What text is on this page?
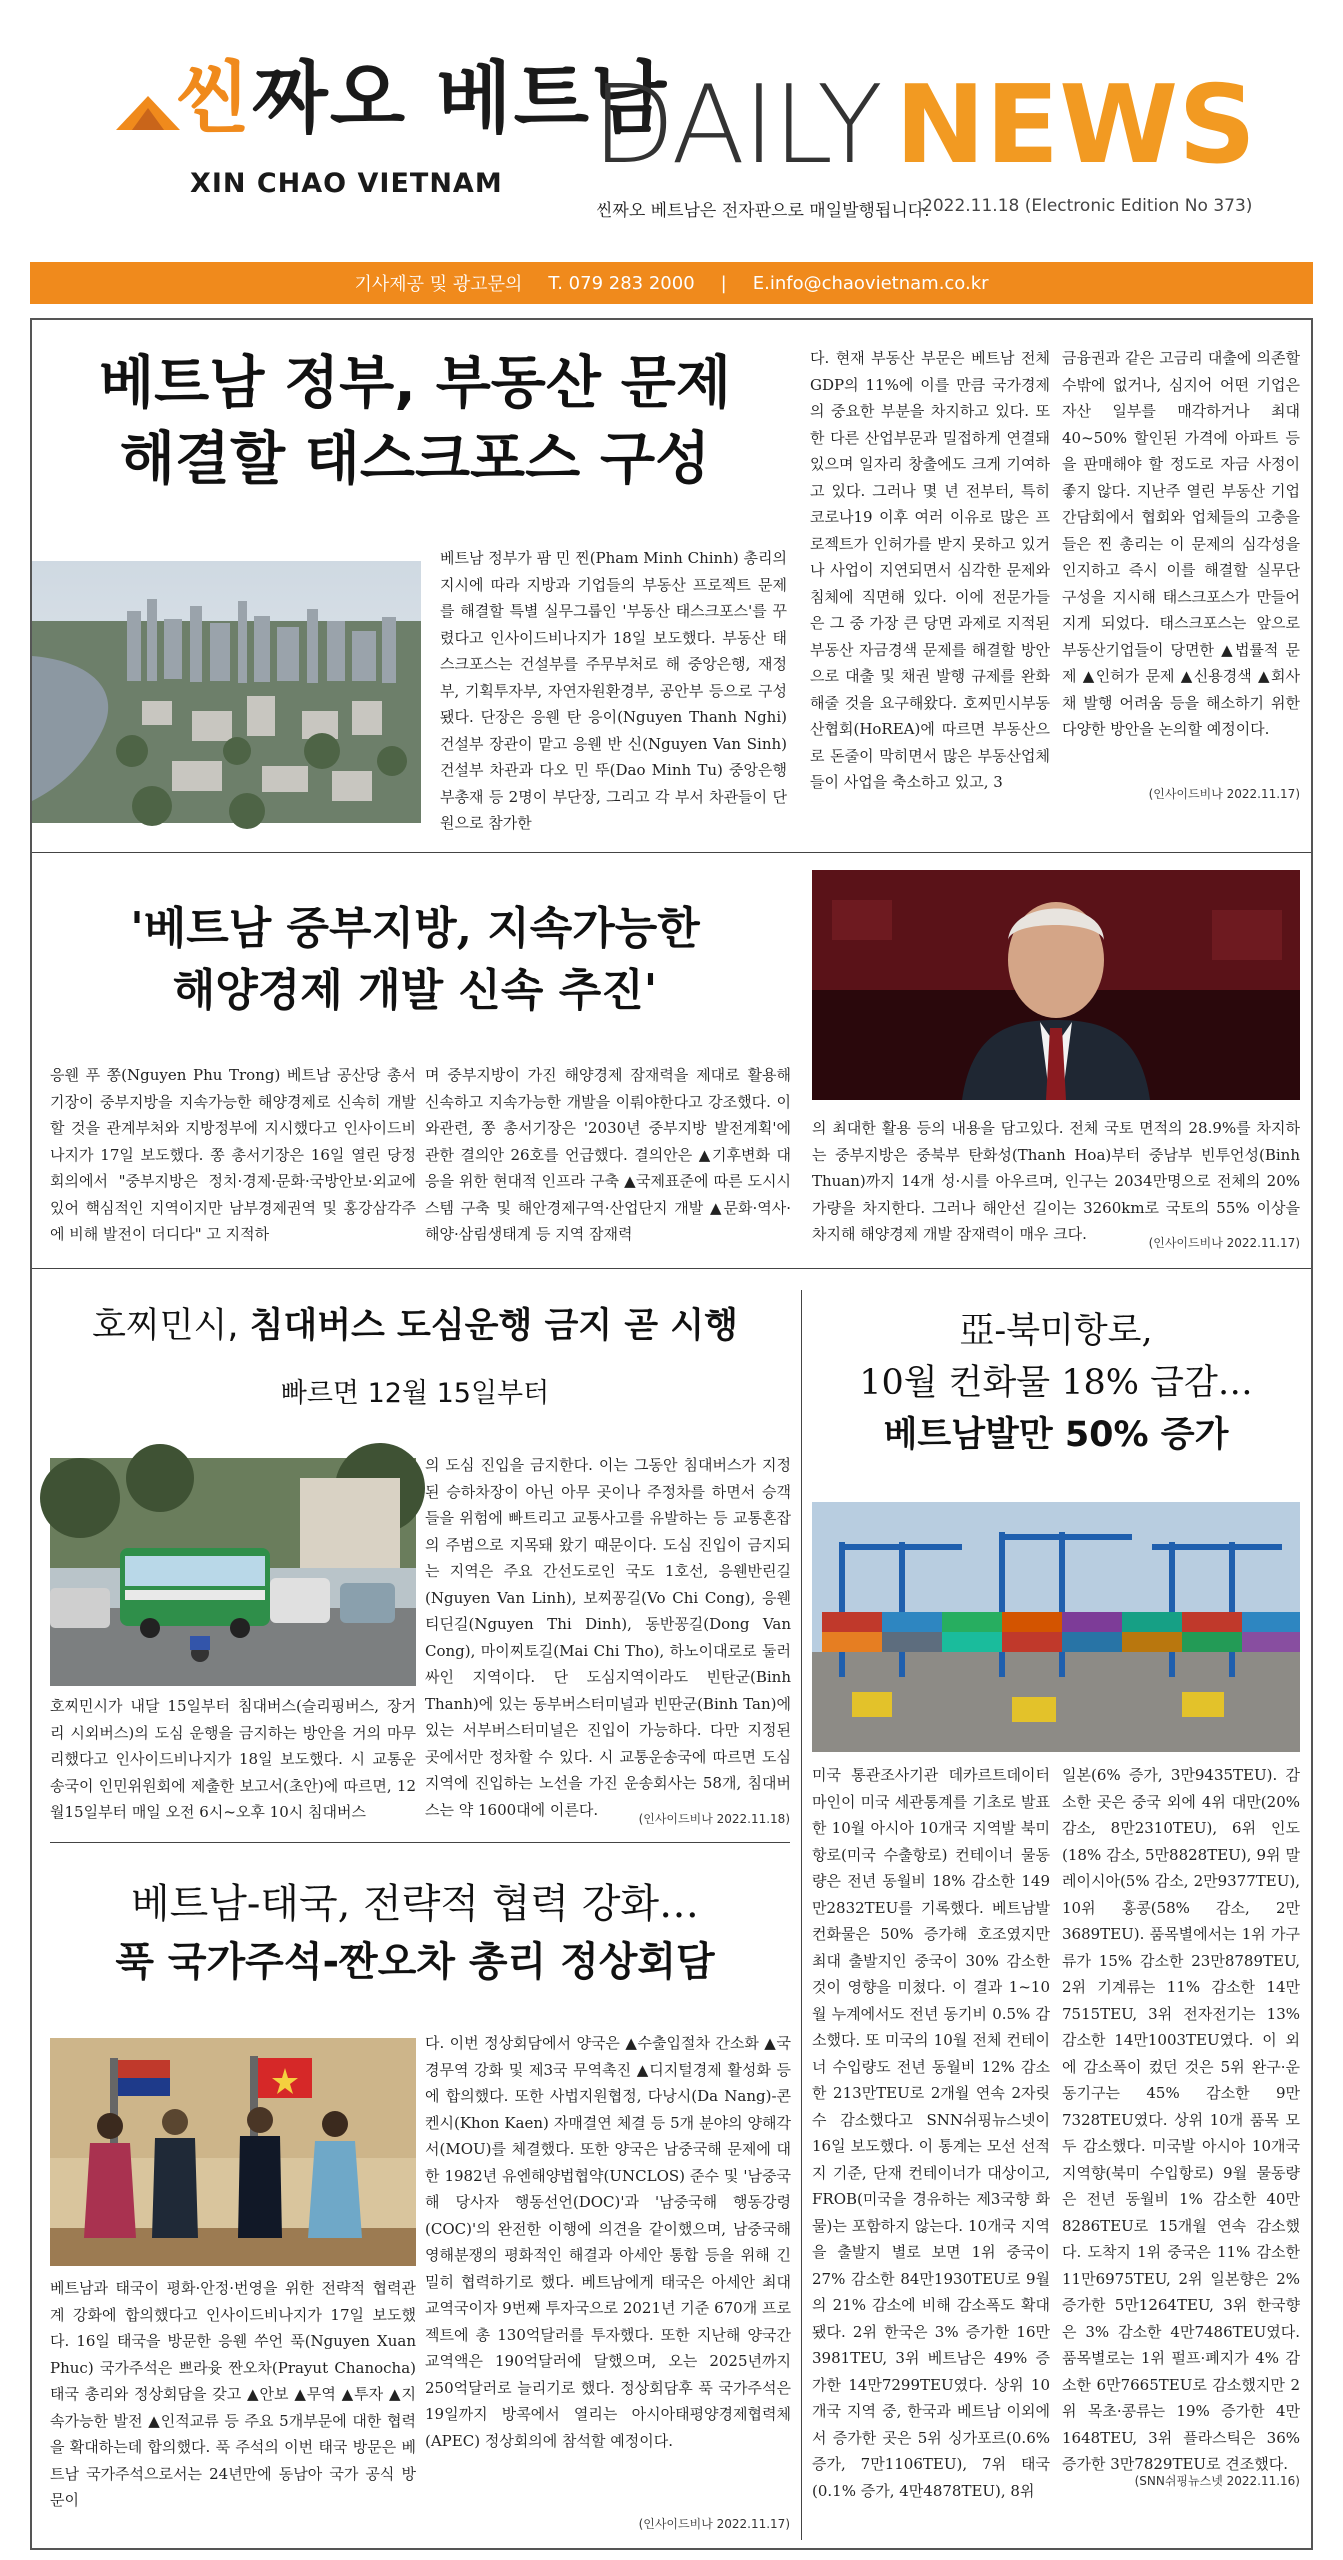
씬짜오 베트남
XIN CHAO VIETNAM DAILY NEWS
씬짜오 베트남은 전자판으로 매일발행됩니다.
2022.11.18 (Electronic Edition No 373)
기사제공 및 광고문의 T. 079 283 2000 | E.info@chaovietnam.co.kr
베트남 정부, 부동산 문제
해결할 태스크포스 구성
베트남 정부가 팜 민 찐(Pham Minh Chinh) 총리의 지시에 따라 지방과 기업들의 부동산 프로젝트 문제를 해결할 특별 실무그룹인 '부동산 태스크포스'를 꾸렸다고 인사이드비나지가 18일 보도했다. 부동산 태스크포스는 건설부를 주무부처로 해 중앙은행, 재정부, 기획투자부, 자연자원환경부, 공안부 등으로 구성됐다. 단장은 응웬 탄 응이(Nguyen Thanh Nghi) 건설부 장관이 맡고 응웬 반 신(Nguyen Van Sinh) 건설부 차관과 다오 민 뚜(Dao Minh Tu) 중앙은행 부총재 등 2명이 부단장, 그리고 각 부서 차관들이 단원으로 참가한
다. 현재 부동산 부문은 베트남 전체 GDP의 11%에 이를 만큼 국가경제의 중요한 부분을 차지하고 있다. 또한 다른 산업부문과 밀접하게 연결돼 있으며 일자리 창출에도 크게 기여하고 있다. 그러나 몇 년 전부터, 특히 코로나19 이후 여러 이유로 많은 프로젝트가 인허가를 받지 못하고 있거나 사업이 지연되면서 심각한 문제와 침체에 직면해 있다. 이에 전문가들은 그 중 가장 큰 당면 과제로 지적된 부동산 자금경색 문제를 해결할 방안으로 대출 및 채권 발행 규제를 완화해줄 것을 요구해왔다. 호찌민시부동산협회(HoREA)에 따르면 부동산으로 돈줄이 막히면서 많은 부동산업체들이 사업을 축소하고 있고, 3
금융권과 같은 고금리 대출에 의존할 수밖에 없거나, 심지어 어떤 기업은 자산 일부를 매각하거나 최대 40~50% 할인된 가격에 아파트 등을 판매해야 할 정도로 자금 사정이 좋지 않다. 지난주 열린 부동산 기업 간담회에서 협회와 업체들의 고충을 들은 찐 총리는 이 문제의 심각성을 인지하고 즉시 이를 해결할 실무단 구성을 지시해 태스크포스가 만들어지게 되었다. 태스크포스는 앞으로 부동산기업들이 당면한 ▲법률적 문제 ▲인허가 문제 ▲신용경색 ▲회사채 발행 어려움 등을 해소하기 위한 다양한 방안을 논의할 예정이다.
(인사이드비나 2022.11.17)
'베트남 중부지방, 지속가능한
해양경제 개발 신속 추진'
응웬 푸 쫑(Nguyen Phu Trong) 베트남 공산당 총서기장이 중부지방을 지속가능한 해양경제로 신속히 개발할 것을 관계부처와 지방정부에 지시했다고 인사이드비나지가 17일 보도했다. 쫑 총서기장은 16일 열린 당정회의에서 "중부지방은 정치·경제·문화·국방안보·외교에 있어 핵심적인 지역이지만 남부경제권역 및 홍강삼각주에 비해 발전이 더디다" 고 지적하
며 중부지방이 가진 해양경제 잠재력을 제대로 활용해 신속하고 지속가능한 개발을 이뤄야한다고 강조했다. 이와관련, 쫑 총서기장은 '2030년 중부지방 발전계획'에 관한 결의안 26호를 언급했다. 결의안은 ▲기후변화 대응을 위한 현대적 인프라 구축 ▲국제표준에 따른 도시시스템 구축 및 해안경제구역·산업단지 개발 ▲문화·역사·해양·삼림생태계 등 지역 잠재력
의 최대한 활용 등의 내용을 담고있다. 전체 국토 면적의 28.9%를 차지하는 중부지방은 중북부 탄화성(Thanh Hoa)부터 중남부 빈투언성(Binh Thuan)까지 14개 성·시를 아우르며, 인구는 2034만명으로 전체의 20% 가량을 차지한다. 그러나 해안선 길이는 3260km로 국토의 55% 이상을 차지해 해양경제 개발 잠재력이 매우 크다.	(인사이드비나 2022.11.17)
호찌민시, 침대버스 도심운행 금지 곧 시행
빠르면 12월 15일부터
호찌민시가 내달 15일부터 침대버스(슬리핑버스, 장거리 시외버스)의 도심 운행을 금지하는 방안을 거의 마무리했다고 인사이드비나지가 18일 보도했다. 시 교통운송국이 인민위원회에 제출한 보고서(초안)에 따르면, 12월15일부터 매일 오전 6시~오후 10시 침대버스
의 도심 진입을 금지한다. 이는 그동안 침대버스가 지정된 승하차장이 아닌 아무 곳이나 주정차를 하면서 승객들을 위험에 빠트리고 교통사고를 유발하는 등 교통혼잡의 주범으로 지목돼 왔기 때문이다. 도심 진입이 금지되는 지역은 주요 간선도로인 국도 1호선, 응웬반린길(Nguyen Van Linh), 보찌꽁길(Vo Chi Cong), 응웬티딘길(Nguyen Thi Dinh), 동반꽁길(Dong Van Cong), 마이찌토길(Mai Chi Tho), 하노이대로로 둘러싸인 지역이다. 단 도심지역이라도 빈탄군(Binh Thanh)에 있는 동부버스터미널과 빈딴군(Binh Tan)에 있는 서부버스터미널은 진입이 가능하다. 다만 지정된 곳에서만 정차할 수 있다. 시 교통운송국에 따르면 도심지역에 진입하는 노선을 가진 운송회사는 58개, 침대버스는 약 1600대에 이른다.
(인사이드비나 2022.11.18)
亞-북미항로,
10월 컨화물 18% 급감…
베트남발만 50% 증가
미국 통관조사기관 데카르트데이터마인이 미국 세관통계를 기초로 발표한 10월 아시아 10개국 지역발 북미항로(미국 수출항로) 컨테이너 물동량은 전년 동월비 18% 감소한 149만2832TEU를 기록했다. 베트남발 컨화물은 50% 증가해 호조였지만 최대 출발지인 중국이 30% 감소한 것이 영향을 미쳤다. 이 결과 1~10월 누계에서도 전년 동기비 0.5% 감소했다. 또 미국의 10월 전체 컨테이너 수입량도 전년 동월비 12% 감소한 213만TEU로 2개월 연속 2자릿수 감소했다고 SNN쉬핑뉴스넷이 16일 보도했다. 이 통계는 모선 선적지 기준, 단재 컨테이너가 대상이고, FROB(미국을 경유하는 제3국향 화물)는 포함하지 않는다. 10개국 지역을 출발지 별로 보면 1위 중국이 27% 감소한 84만1930TEU로 9월의 21% 감소에 비해 감소폭도 확대됐다. 2위 한국은 3% 증가한 16만3981TEU, 3위 베트남은 49% 증가한 14만7299TEU였다. 상위 10개국 지역 중, 한국과 베트남 이외에서 증가한 곳은 5위 싱가포르(0.6% 증가, 7만1106TEU), 7위 태국(0.1% 증가, 4만4878TEU), 8위
일본(6% 증가, 3만9435TEU). 감소한 곳은 중국 외에 4위 대만(20% 감소, 8만2310TEU), 6위 인도(18% 감소, 5만8828TEU), 9위 말레이시아(5% 감소, 2만9377TEU), 10위 홍콩(58% 감소, 2만3689TEU). 품목별에서는 1위 가구류가 15% 감소한 23만8789TEU, 2위 기계류는 11% 감소한 14만7515TEU, 3위 전자전기는 13% 감소한 14만1003TEU였다. 이 외에 감소폭이 컸던 것은 5위 완구·운동기구는 45% 감소한 9만7328TEU였다. 상위 10개 품목 모두 감소했다. 미국발 아시아 10개국 지역향(북미 수입항로) 9월 물동량은 전년 동월비 1% 감소한 40만8286TEU로 15개월 연속 감소했다. 도착지 1위 중국은 11% 감소한 11만6975TEU, 2위 일본향은 2% 증가한 5만1264TEU, 3위 한국향은 3% 감소한 4만7486TEU였다. 품목별로는 1위 펄프·폐지가 4% 감소한 6만7665TEU로 감소했지만 2위 목초·콩류는 19% 증가한 4만1648TEU, 3위 플라스틱은 36% 증가한 3만7829TEU로 견조했다.
(SNN쉬핑뉴스넷 2022.11.16)
베트남-태국, 전략적 협력 강화…
푹 국가주석-짠오차 총리 정상회담
베트남과 태국이 평화·안정·번영을 위한 전략적 협력관계 강화에 합의했다고 인사이드비나지가 17일 보도했다. 16일 태국을 방문한 응웬 쑤언 푹(Nguyen Xuan Phuc) 국가주석은 쁘라윳 짠오차(Prayut Chanocha) 태국 총리와 정상회담을 갖고 ▲안보 ▲무역 ▲투자 ▲지속가능한 발전 ▲인적교류 등 주요 5개부문에 대한 협력을 확대하는데 합의했다. 푹 주석의 이번 태국 방문은 베트남 국가주석으로서는 24년만에 동남아 국가 공식 방문이
다. 이번 정상회담에서 양국은 ▲수출입절차 간소화 ▲국경무역 강화 및 제3국 무역촉진 ▲디지털경제 활성화 등에 합의했다. 또한 사법지원협정, 다낭시(Da Nang)-콘켄시(Khon Kaen) 자매결연 체결 등 5개 분야의 양해각서(MOU)를 체결했다. 또한 양국은 남중국해 문제에 대한 1982년 유엔해양법협약(UNCLOS) 준수 및 '남중국해 당사자 행동선언(DOC)'과 '남중국해 행동강령(COC)'의 완전한 이행에 의견을 같이했으며, 남중국해 영해분쟁의 평화적인 해결과 아세안 통합 등을 위해 긴밀히 협력하기로 했다. 베트남에게 태국은 아세안 최대 교역국이자 9번째 투자국으로 2021년 기준 670개 프로젝트에 총 130억달러를 투자했다. 또한 지난해 양국간 교역액은 190억달러에 달했으며, 오는 2025년까지 250억달러로 늘리기로 했다. 정상회담후 푹 국가주석은 19일까지 방콕에서 열리는 아시아태평양경제협력체(APEC) 정상회의에 참석할 예정이다.
(인사이드비나 2022.11.17)
